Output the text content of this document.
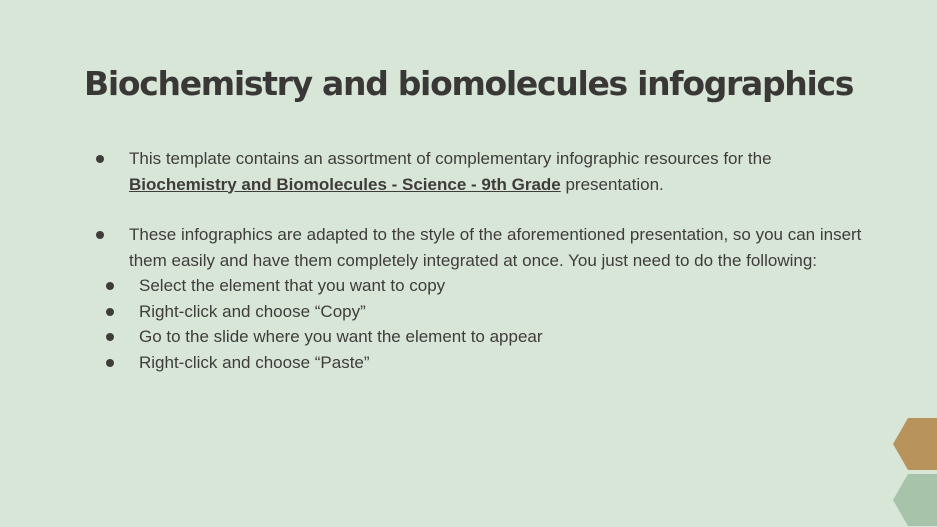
Biochemistry and biomolecules infographics
This template contains an assortment of complementary infographic resources for the Biochemistry and Biomolecules - Science - 9th Grade presentation.
These infographics are adapted to the style of the aforementioned presentation, so you can insert them easily and have them completely integrated at once. You just need to do the following:
Select the element that you want to copy
Right-click and choose “Copy”
Go to the slide where you want the element to appear
Right-click and choose “Paste”
